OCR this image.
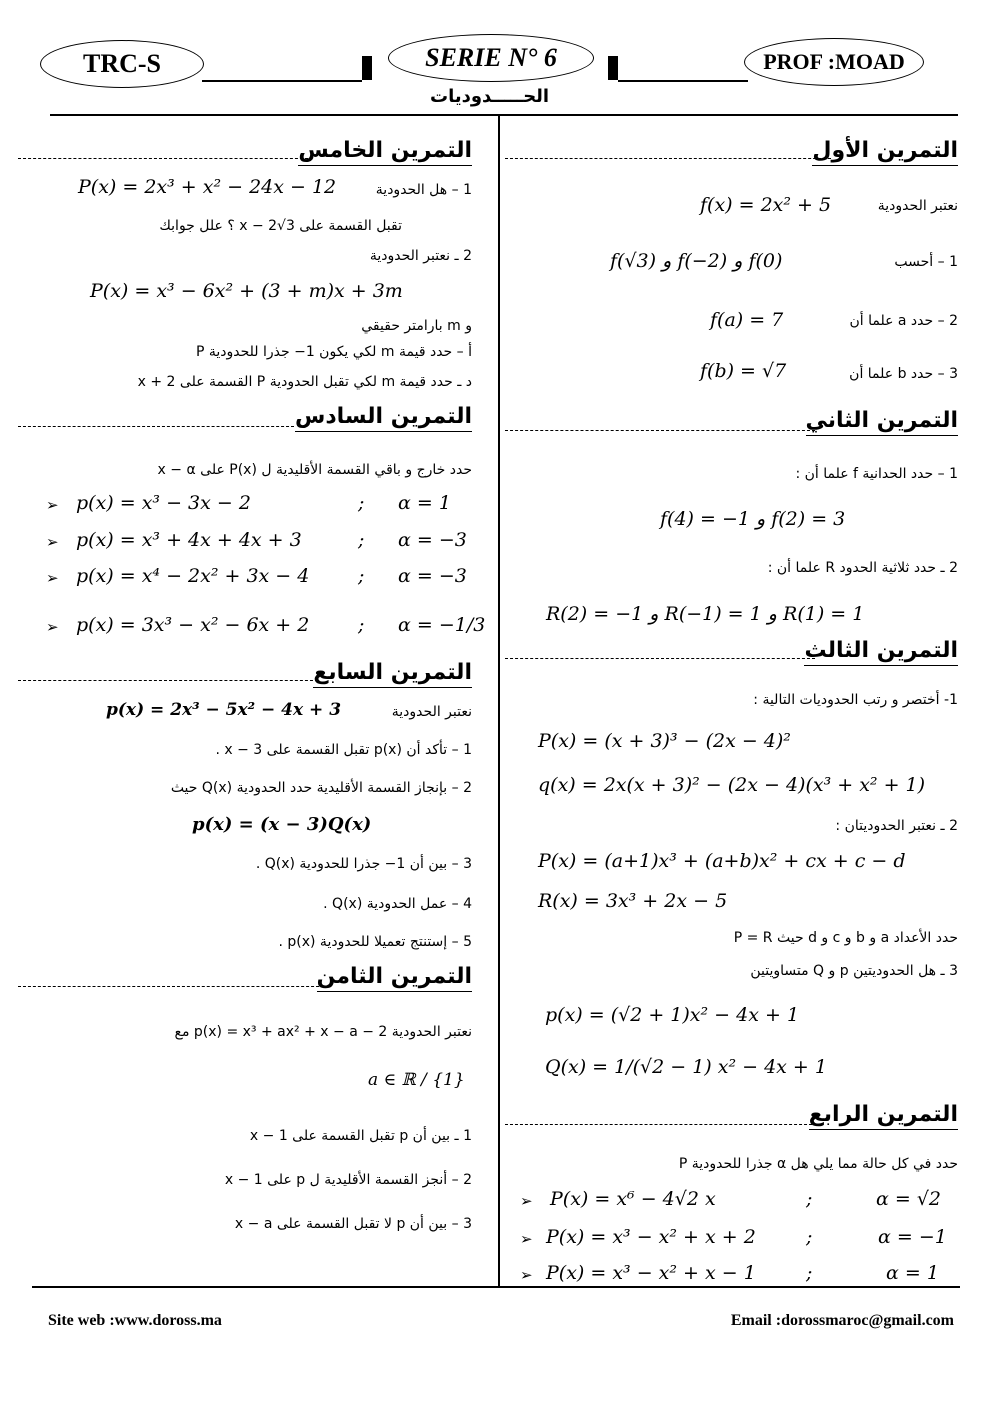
TRC-S	SERIE N° 6	PROF :MOAD
الحـــــدوديات
التمرين الأول
نعتبر الحدودية
f(x) = 2x² + 5
1 – أحسب
f(√3) و f(−2) و f(0)
2 – حدد a علما أن
f(a) = 7
3 – حدد b علما أن
f(b) = √7
التمرين الثاني
1 – حدد الحدانية f علما أن :
f(4) = −1 و f(2) = 3
2 ـ حدد ثلاثية الحدود R علما أن :
R(2) = −1 و R(−1) = 1 و R(1) = 1
التمرين الثالث
1- أختصر و رتب الحدوديات التالية :
P(x) = (x + 3)³ − (2x − 4)²
q(x) = 2x(x + 3)² − (2x − 4)(x³ + x² + 1)
2 ـ نعتبر الحدوديتان :
P(x) = (a+1)x³ + (a+b)x² + cx + c − d
R(x) = 3x³ + 2x − 5
حدد الأعداد a و b و c و d حيث P = R
3 ـ هل الحدوديتين p و Q متساويتين
p(x) = (√2 + 1)x² − 4x + 1
Q(x) = 1/(√2 − 1) x² − 4x + 1
التمرين الرابع
حدد في كل حالة مما يلي هل α جذرا للحدودية P
➢ P(x) = x⁶ − 4√2 x	;	α = √2
➢ P(x) = x³ − x² + x + 2	;	α = −1
➢ P(x) = x³ − x² + x − 1	;	α = 1
التمرين الخامس
1 – هل الحدودية
P(x) = 2x³ + x² − 24x − 12
تقبل القسمة على x − 2√3 ؟ علل جوابك
2 ـ نعتبر الحدودية
P(x) = x³ − 6x² + (3 + m)x + 3m
و m بارامتر حقيقي
أ – حدد قيمة m لكي يكون 1− جذرا للحدودية P
د ـ حدد قيمة m لكي تقبل الحدودية P القسمة على x + 2
التمرين السادس
حدد خارج و باقي القسمة الأقليدية ل P(x) على x − α
➢ p(x) = x³ − 3x − 2	; α = 1
➢ p(x) = x³ + 4x + 4x + 3	; α = −3
➢ p(x) = x⁴ − 2x² + 3x − 4	; α = −3
➢ p(x) = 3x³ − x² − 6x + 2	; α = −1/3
التمرين السابع
نعتبر الحدودية
p(x) = 2x³ − 5x² − 4x + 3
1 – تأكد أن p(x) تقبل القسمة على x − 3 .
2 – بإنجاز القسمة الأقليدية حدد الحدودية Q(x) حيث
p(x) = (x − 3)Q(x)
3 – بين أن 1− جذرا للحدودية Q(x) .
4 – عمل الحدودية Q(x) .
5 – إستنتج تعميلا للحدودية p(x) .
التمرين الثامن
نعتبر الحدودية p(x) = x³ + ax² + x − a − 2 مع
a ∈ ℝ / {1}
1 ـ بين أن p تقبل القسمة على x − 1
2 – أنجز القسمة الأقليدية ل p على x − 1
3 – بين أن p لا تقبل القسمة على x − a
Site web :www.doross.ma	Email :dorossmaroc@gmail.com
